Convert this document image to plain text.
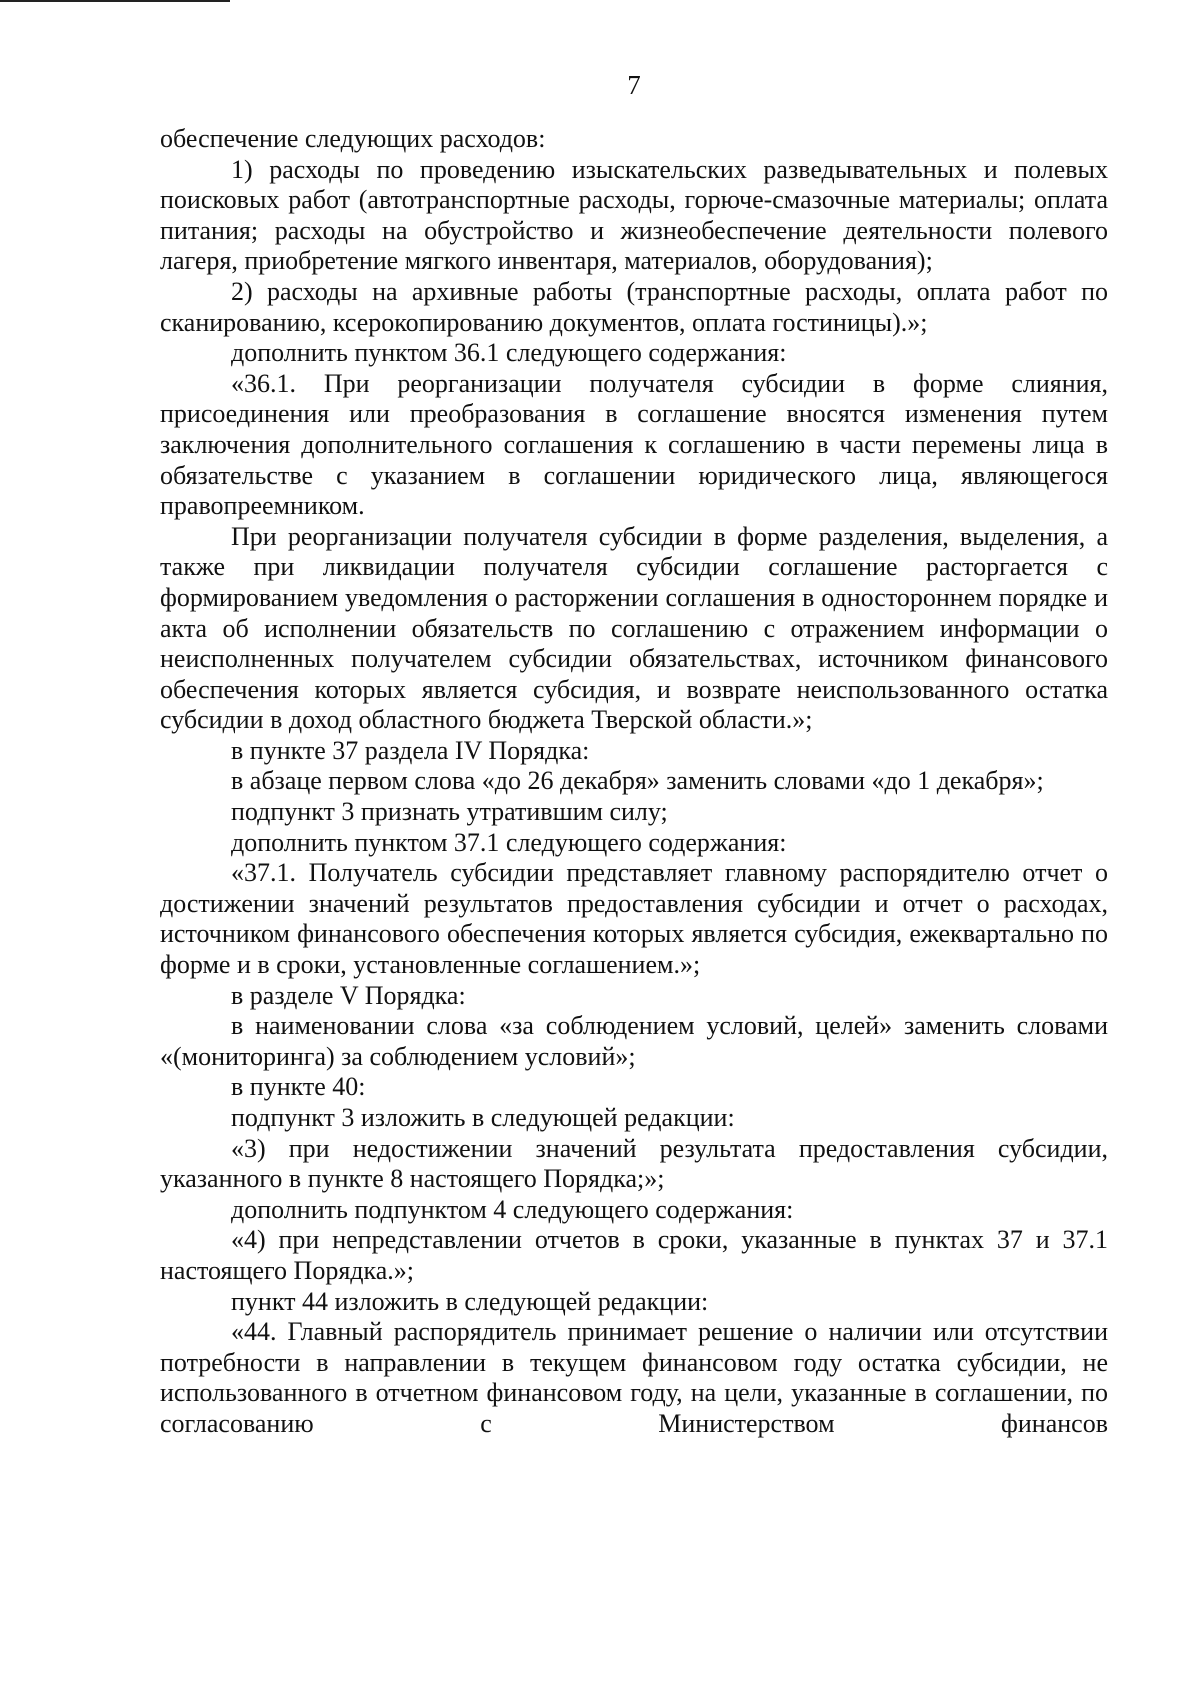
7

обеспечение следующих расходов:

1) расходы по проведению изыскательских разведывательных и полевых поисковых работ (автотранспортные расходы, горюче-смазочные материалы; оплата питания; расходы на обустройство и жизнеобеспечение деятельности полевого лагеря, приобретение мягкого инвентаря, материалов, оборудования);

2) расходы на архивные работы (транспортные расходы, оплата работ по сканированию, ксерокопированию документов, оплата гостиницы).»;

дополнить пунктом 36.1 следующего содержания:

«36.1. При реорганизации получателя субсидии в форме слияния, присоединения или преобразования в соглашение вносятся изменения путем заключения дополнительного соглашения к соглашению в части перемены лица в обязательстве с указанием в соглашении юридического лица, являющегося правопреемником.

При реорганизации получателя субсидии в форме разделения, выделения, а также при ликвидации получателя субсидии соглашение расторгается с формированием уведомления о расторжении соглашения в одностороннем порядке и акта об исполнении обязательств по соглашению с отражением информации о неисполненных получателем субсидии обязательствах, источником финансового обеспечения которых является субсидия, и возврате неиспользованного остатка субсидии в доход областного бюджета Тверской области.»;

в пункте 37 раздела IV Порядка:

в абзаце первом слова «до 26 декабря» заменить словами «до 1 декабря»;

подпункт 3 признать утратившим силу;

дополнить пунктом 37.1 следующего содержания:

«37.1. Получатель субсидии представляет главному распорядителю отчет о достижении значений результатов предоставления субсидии и отчет о расходах, источником финансового обеспечения которых является субсидия, ежеквартально по форме и в сроки, установленные соглашением.»;

в разделе V Порядка:

в наименовании слова «за соблюдением условий, целей» заменить словами «(мониторинга) за соблюдением условий»;

в пункте 40:

подпункт 3 изложить в следующей редакции:

«3) при недостижении значений результата предоставления субсидии, указанного в пункте 8 настоящего Порядка;»;

дополнить подпунктом 4 следующего содержания:

«4) при непредставлении отчетов в сроки, указанные в пунктах 37 и 37.1 настоящего Порядка.»;

пункт 44 изложить в следующей редакции:

«44. Главный распорядитель принимает решение о наличии или отсутствии потребности в направлении в текущем финансовом году остатка субсидии, не использованного в отчетном финансовом году, на цели, указанные в соглашении, по согласованию с Министерством финансов
